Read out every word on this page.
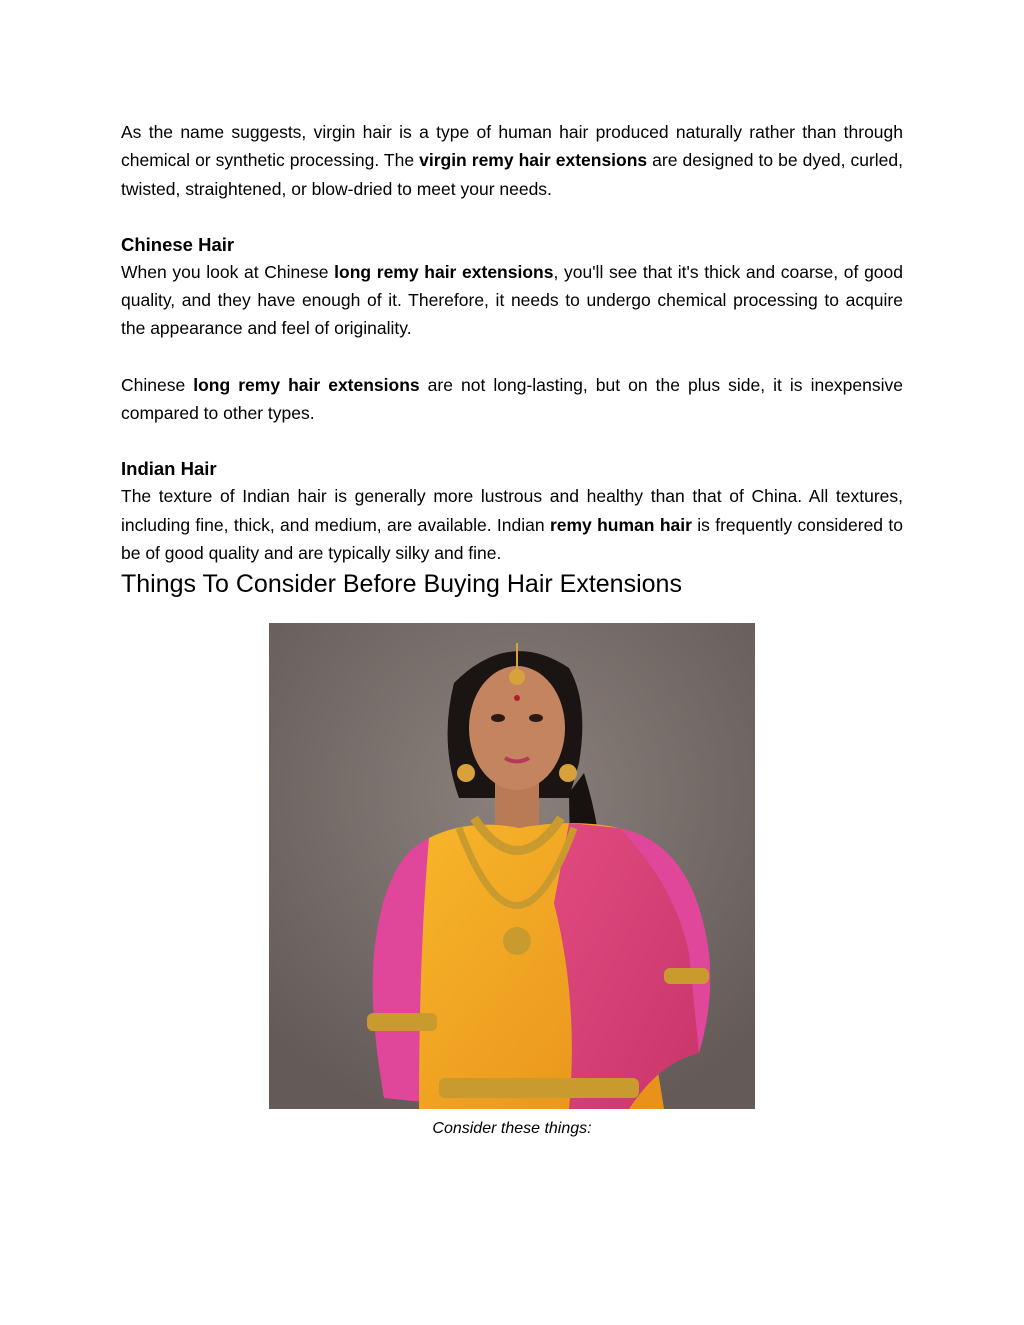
As the name suggests, virgin hair is a type of human hair produced naturally rather than through chemical or synthetic processing. The virgin remy hair extensions are designed to be dyed, curled, twisted, straightened, or blow-dried to meet your needs.

Chinese Hair

When you look at Chinese long remy hair extensions, you'll see that it's thick and coarse, of good quality, and they have enough of it. Therefore, it needs to undergo chemical processing to acquire the appearance and feel of originality.

Chinese long remy hair extensions are not long-lasting, but on the plus side, it is inexpensive compared to other types.

Indian Hair

The texture of Indian hair is generally more lustrous and healthy than that of China. All textures, including fine, thick, and medium, are available. Indian remy human hair is frequently considered to be of good quality and are typically silky and fine.

Things To Consider Before Buying Hair Extensions
Consider these things:
